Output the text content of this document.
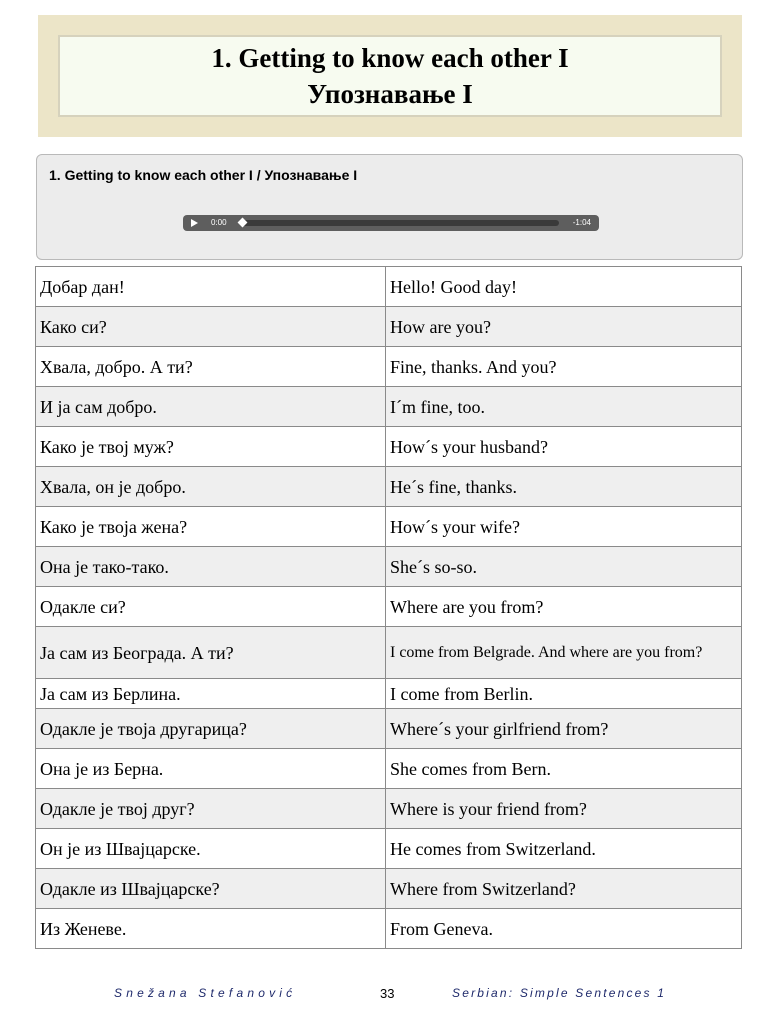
1. Getting to know each other I
Упознавање I
1. Getting to know each other I / Упознавање I
0:00	-1:04
Добар дан!	Hello! Good day!
Како си?	How are you?
Хвала, добро. А ти?	Fine, thanks. And you?
И ја сам добро.	I´m fine, too.
Како је твој муж?	How´s your husband?
Хвала, он је добро.	He´s fine, thanks.
Како је твоја жена?	How´s your wife?
Она је тако-тако.	She´s so-so.
Одакле си?	Where are you from?
Ја сам из Београда. А ти?	I come from Belgrade. And where are you from?
Ја сам из Берлина.	I come from Berlin.
Одакле је твоја другарица?	Where´s your girlfriend from?
Она је из Берна.	She comes from Bern.
Одакле је твој друг?	Where is your friend from?
Он је из Швајцарске.	He comes from Switzerland.
Одакле из Швајцарске?	Where from Switzerland?
Из Женеве.	From Geneva.
Snežana Stefanović	33	Serbian: Simple Sentences 1
